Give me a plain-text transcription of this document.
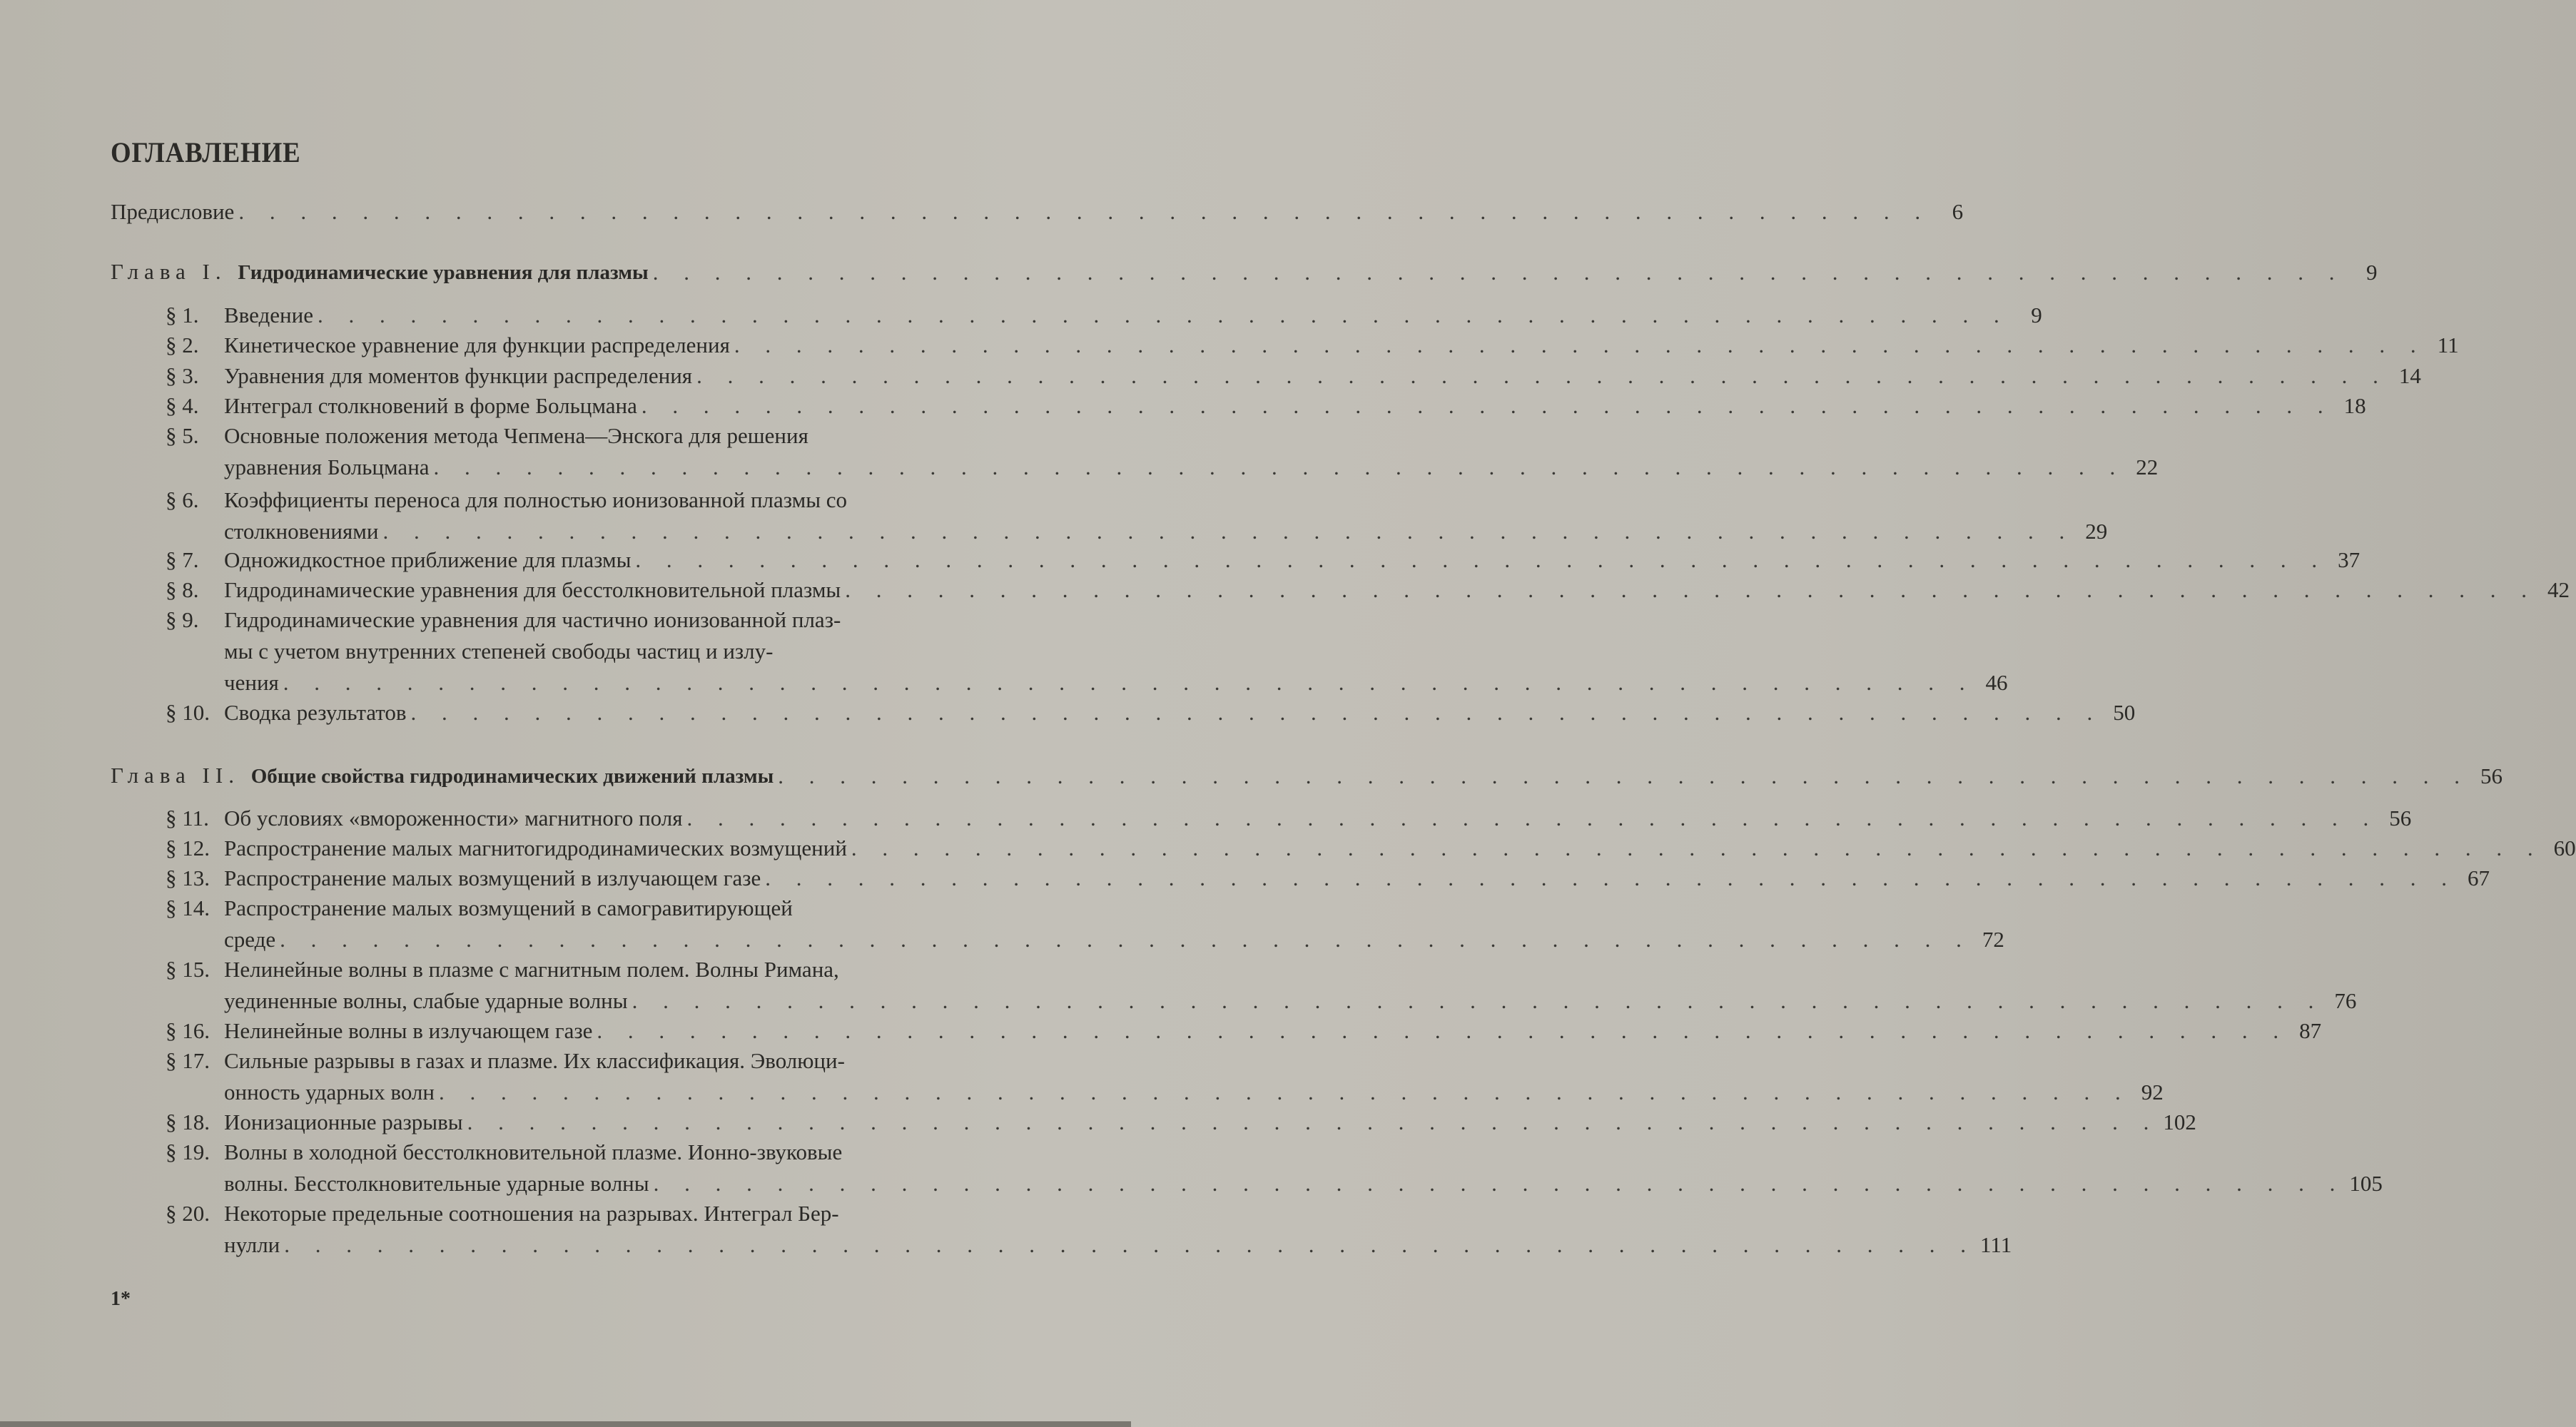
ОГЛАВЛЕНИЕ
Предисловие . . . . . . . . . . . . . . . . . . . . . . . . . . . . . . . . . . . . . . . . . . . . . . . . . . . . . . . 6
Глава I. Гидродинамические уравнения для плазмы . . . . . . . . . . . . . . . . . . . . . . . . . . . . . . . . . . . . . . . . . . . . . . . . . . . . . . . 9
§ 1. Введение . . . . . . . . . . . . . . . . . . . . . . . . . . . . . . . . . . . . . . . . . . . . . . . . . . . . . . . 9
§ 2. Кинетическое уравнение для функции распределения . . . . . . . . . . . . . . . . . . . . . . . . . . . . . . . . . . . . . . . . . . . . . . . . . . . . . . . 11
§ 3. Уравнения для моментов функции распределения . . . . . . . . . . . . . . . . . . . . . . . . . . . . . . . . . . . . . . . . . . . . . . . . . . . . . . . 14
§ 4. Интеграл столкновений в форме Больцмана . . . . . . . . . . . . . . . . . . . . . . . . . . . . . . . . . . . . . . . . . . . . . . . . . . . . . . . 18
§ 5. Основные положения метода Чепмена—Энскога для решения
уравнения Больцмана . . . . . . . . . . . . . . . . . . . . . . . . . . . . . . . . . . . . . . . . . . . . . . . . . . . . . . . 22
§ 6. Коэффициенты переноса для полностью ионизованной плазмы со
столкновениями . . . . . . . . . . . . . . . . . . . . . . . . . . . . . . . . . . . . . . . . . . . . . . . . . . . . . . . 29
§ 7. Одножидкостное приближение для плазмы . . . . . . . . . . . . . . . . . . . . . . . . . . . . . . . . . . . . . . . . . . . . . . . . . . . . . . . 37
§ 8. Гидродинамические уравнения для бесстолкновительной плазмы . . . . . . . . . . . . . . . . . . . . . . . . . . . . . . . . . . . . . . . . . . . . . . . . . . . . . . . 42
§ 9. Гидродинамические уравнения для частично ионизованной плаз-
мы с учетом внутренних степеней свободы частиц и излу-
чения . . . . . . . . . . . . . . . . . . . . . . . . . . . . . . . . . . . . . . . . . . . . . . . . . . . . . . . 46
§ 10. Сводка результатов . . . . . . . . . . . . . . . . . . . . . . . . . . . . . . . . . . . . . . . . . . . . . . . . . . . . . . . 50
Глава II. Общие свойства гидродинамических движений плазмы . . . . . . . . . . . . . . . . . . . . . . . . . . . . . . . . . . . . . . . . . . . . . . . . . . . . . . . 56
§ 11. Об условиях «вмороженности» магнитного поля . . . . . . . . . . . . . . . . . . . . . . . . . . . . . . . . . . . . . . . . . . . . . . . . . . . . . . . 56
§ 12. Распространение малых магнитогидродинамических возмущений . . . . . . . . . . . . . . . . . . . . . . . . . . . . . . . . . . . . . . . . . . . . . . . . . . . . . . . 60
§ 13. Распространение малых возмущений в излучающем газе . . . . . . . . . . . . . . . . . . . . . . . . . . . . . . . . . . . . . . . . . . . . . . . . . . . . . . . 67
§ 14. Распространение малых возмущений в самогравитирующей
среде . . . . . . . . . . . . . . . . . . . . . . . . . . . . . . . . . . . . . . . . . . . . . . . . . . . . . . . 72
§ 15. Нелинейные волны в плазме с магнитным полем. Волны Римана,
уединенные волны, слабые ударные волны . . . . . . . . . . . . . . . . . . . . . . . . . . . . . . . . . . . . . . . . . . . . . . . . . . . . . . . 76
§ 16. Нелинейные волны в излучающем газе . . . . . . . . . . . . . . . . . . . . . . . . . . . . . . . . . . . . . . . . . . . . . . . . . . . . . . . 87
§ 17. Сильные разрывы в газах и плазме. Их классификация. Эволюци-
онность ударных волн . . . . . . . . . . . . . . . . . . . . . . . . . . . . . . . . . . . . . . . . . . . . . . . . . . . . . . . 92
§ 18. Ионизационные разрывы . . . . . . . . . . . . . . . . . . . . . . . . . . . . . . . . . . . . . . . . . . . . . . . . . . . . . . . 102
§ 19. Волны в холодной бесстолкновительной плазме. Ионно-звуковые
волны. Бесстолкновительные ударные волны . . . . . . . . . . . . . . . . . . . . . . . . . . . . . . . . . . . . . . . . . . . . . . . . . . . . . . . 105
§ 20. Некоторые предельные соотношения на разрывах. Интеграл Бер-
нулли . . . . . . . . . . . . . . . . . . . . . . . . . . . . . . . . . . . . . . . . . . . . . . . . . . . . . . . 111
1*
